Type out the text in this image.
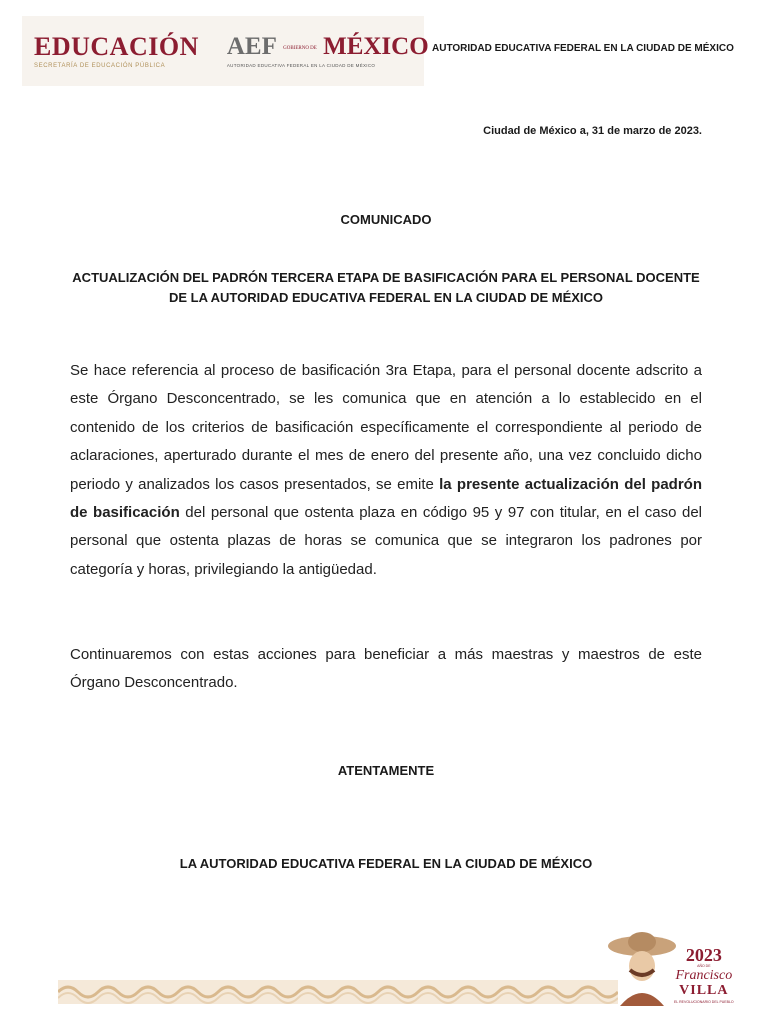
EDUCACIÓN
SECRETARÍA DE EDUCACIÓN PÚBLICA
AEF GOBIERNO DE MÉXICO
AUTORIDAD EDUCATIVA FEDERAL EN LA CIUDAD DE MÉXICO
AUTORIDAD EDUCATIVA FEDERAL EN LA CIUDAD DE MÉXICO
Ciudad de México a, 31 de marzo de 2023.
COMUNICADO
ACTUALIZACIÓN DEL PADRÓN TERCERA ETAPA DE BASIFICACIÓN PARA EL PERSONAL DOCENTE DE LA AUTORIDAD EDUCATIVA FEDERAL EN LA CIUDAD DE MÉXICO

Se hace referencia al proceso de basificación 3ra Etapa, para el personal docente adscrito a este Órgano Desconcentrado, se les comunica que en atención a lo establecido en el contenido de los criterios de basificación específicamente el correspondiente al periodo de aclaraciones, aperturado durante el mes de enero del presente año, una vez concluido dicho periodo y analizados los casos presentados, se emite la presente actualización del padrón de basificación del personal que ostenta plaza en código 95 y 97 con titular, en el caso del personal que ostenta plazas de horas se comunica que se integraron los padrones por categoría y horas, privilegiando la antigüedad.

Continuaremos con estas acciones para beneficiar a más maestras y maestros de este Órgano Desconcentrado.

ATENTAMENTE
LA AUTORIDAD EDUCATIVA FEDERAL EN LA CIUDAD DE MÉXICO
2023
AÑO DE
Francisco
VILLA
EL REVOLUCIONARIO DEL PUEBLO
